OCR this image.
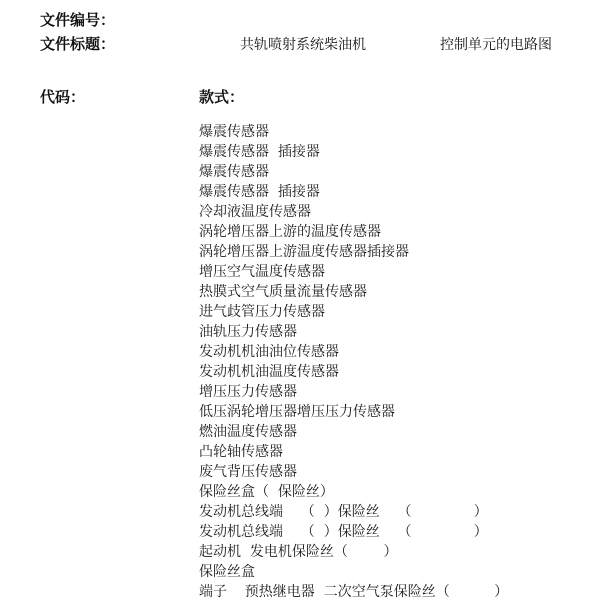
文件编号：
文件标题：	共轨喷射系统柴油机	控制单元的电路图
代码：	款式：
爆震传感器
爆震传感器  插接器
爆震传感器
爆震传感器  插接器
冷却液温度传感器
涡轮增压器上游的温度传感器
涡轮增压器上游温度传感器插接器
增压空气温度传感器
热膜式空气质量流量传感器
进气歧管压力传感器
油轨压力传感器
发动机机油油位传感器
发动机机油温度传感器
增压压力传感器
低压涡轮增压器增压压力传感器
燃油温度传感器
凸轮轴传感器
废气背压传感器
保险丝盒（  保险丝）
发动机总线端    （  ）保险丝    （              ）
发动机总线端    （  ）保险丝    （              ）
起动机  发电机保险丝（        ）
保险丝盒
端子    预热继电器  二次空气泵保险丝（          ）
